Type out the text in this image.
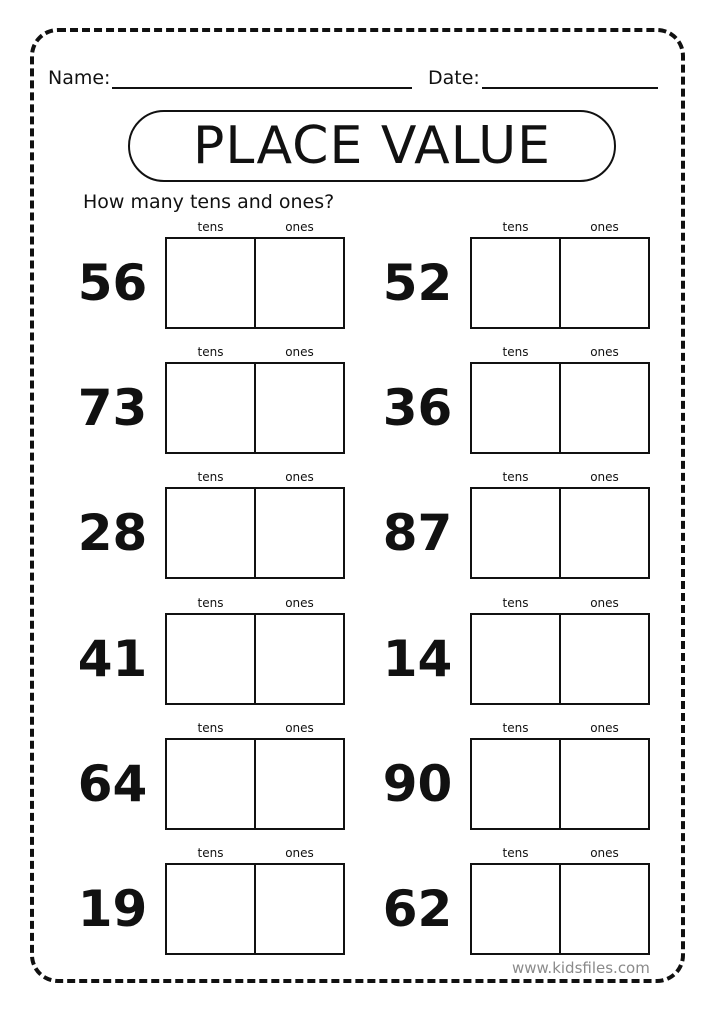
Name:	Date:
PLACE VALUE
How many tens and ones?
56
tens	ones
52
tens	ones
73
tens	ones
36
tens	ones
28
tens	ones
87
tens	ones
41
tens	ones
14
tens	ones
64
tens	ones
90
tens	ones
19
tens	ones
62
tens	ones
www.kidsfiles.com
